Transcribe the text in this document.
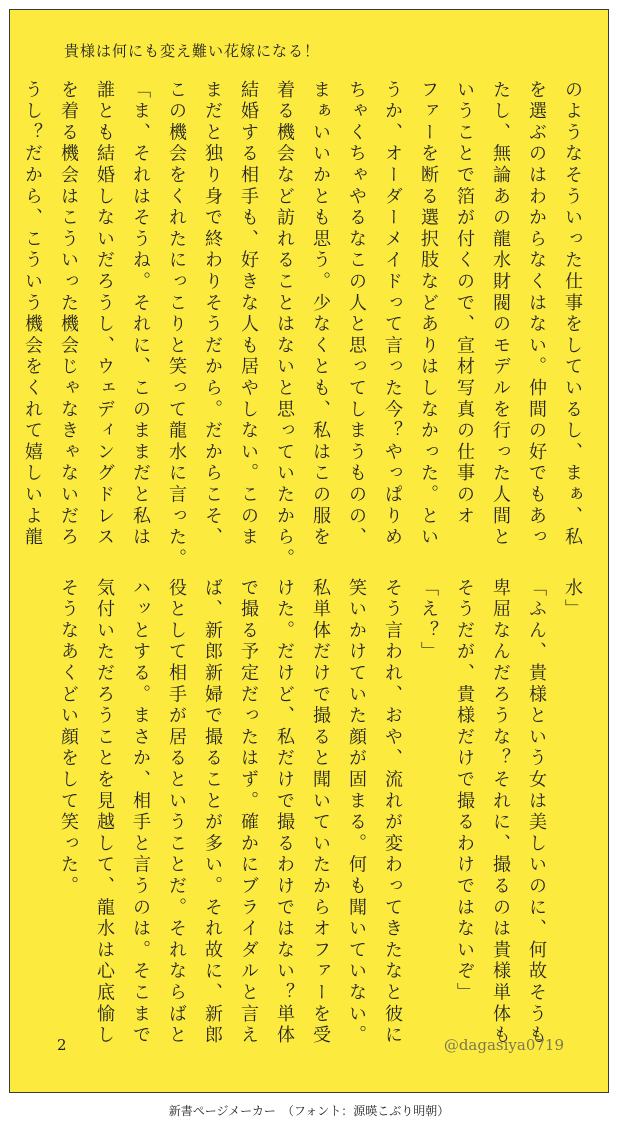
貴様は何にも変え難い花嫁になる！
のようなそういった仕事をしているし、まぁ、私
を選ぶのはわからなくはない。仲間の好でもあっ
たし、無論あの龍水財閥のモデルを行った人間と
いうことで箔が付くので、宣材写真の仕事のオ
ファーを断る選択肢などありはしなかった。とい
うか、オーダーメイドって言った今？やっぱりめ
ちゃくちゃやるなこの人と思ってしまうものの、
まぁいいかとも思う。少なくとも、私はこの服を
着る機会など訪れることはないと思っていたから。
結婚する相手も、好きな人も居やしない。このま
まだと独り身で終わりそうだから。だからこそ、
この機会をくれたにっこりと笑って龍水に言った。
「ま、それはそうね。それに、このままだと私は
誰とも結婚しないだろうし、ウェディングドレス
を着る機会はこういった機会じゃなきゃないだろ
うし？だから、こういう機会をくれて嬉しいよ龍
水」
「ふん、貴様という女は美しいのに、何故そうも
卑屈なんだろうな？それに、撮るのは貴様単体も
そうだが、貴様だけで撮るわけではないぞ」
「え？」
そう言われ、おや、流れが変わってきたなと彼に
笑いかけていた顔が固まる。何も聞いていない。
私単体だけで撮ると聞いていたからオファーを受
けた。だけど、私だけで撮るわけではない？単体
で撮る予定だったはず。確かにブライダルと言え
ば、新郎新婦で撮ることが多い。それ故に、新郎
役として相手が居るということだ。それならばと
ハッとする。まさか、相手と言うのは。そこまで
気付いただろうことを見越して、龍水は心底愉し
そうなあくどい顔をして笑った。
2	@dagasiya0719
新書ページメーカー　（フォント：源暎こぶり明朝）
